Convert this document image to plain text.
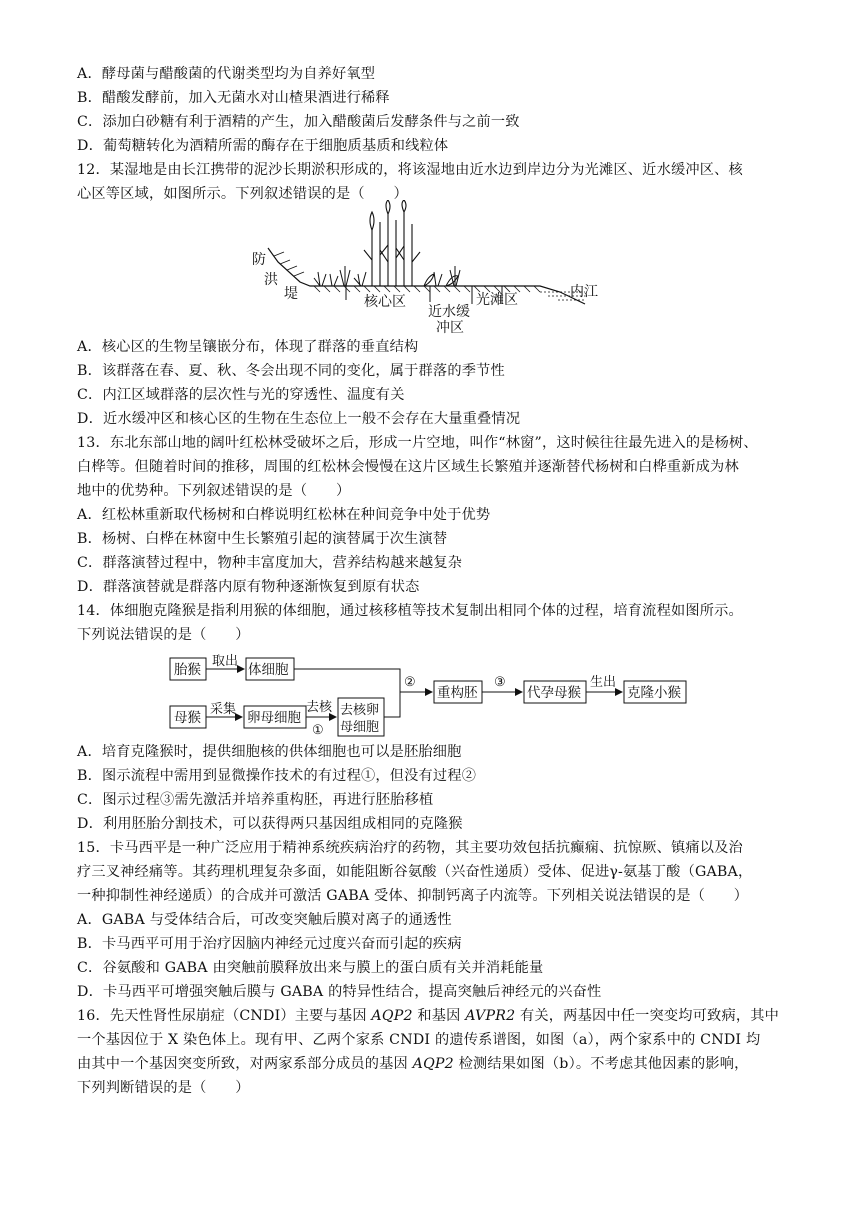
A．酵母菌与醋酸菌的代谢类型均为自养好氧型
B．醋酸发酵前，加入无菌水对山楂果酒进行稀释
C．添加白砂糖有利于酒精的产生，加入醋酸菌后发酵条件与之前一致
D．葡萄糖转化为酒精所需的酶存在于细胞质基质和线粒体
12．某湿地是由长江携带的泥沙长期淤积形成的，将该湿地由近水边到岸边分为光滩区、近水缓冲区、核
心区等区域，如图所示。下列叙述错误的是（　　）
防
洪
堤	核心区
近水缓
冲区
光滩区	内江
A．核心区的生物呈镶嵌分布，体现了群落的垂直结构
B．该群落在春、夏、秋、冬会出现不同的变化，属于群落的季节性
C．内江区域群落的层次性与光的穿透性、温度有关
D．近水缓冲区和核心区的生物在生态位上一般不会存在大量重叠情况
13．东北东部山地的阔叶红松林受破坏之后，形成一片空地，叫作“林窗”，这时候往往最先进入的是杨树、
白桦等。但随着时间的推移，周围的红松林会慢慢在这片区域生长繁殖并逐渐替代杨树和白桦重新成为林
地中的优势种。下列叙述错误的是（　　）
A．红松林重新取代杨树和白桦说明红松林在种间竞争中处于优势
B．杨树、白桦在林窗中生长繁殖引起的演替属于次生演替
C．群落演替过程中，物种丰富度加大，营养结构越来越复杂
D．群落演替就是群落内原有物种逐渐恢复到原有状态
14．体细胞克隆猴是指利用猴的体细胞，通过核移植等技术复制出相同个体的过程，培育流程如图所示。
下列说法错误的是（　　）
胎猴
取出
体细胞
母猴
采集
卵母细胞
去核
①
去核卵
母细胞
②
重构胚
③
代孕母猴
生出
克隆小猴
A．培育克隆猴时，提供细胞核的供体细胞也可以是胚胎细胞
B．图示流程中需用到显微操作技术的有过程①，但没有过程②
C．图示过程③需先激活并培养重构胚，再进行胚胎移植
D．利用胚胎分割技术，可以获得两只基因组成相同的克隆猴
15．卡马西平是一种广泛应用于精神系统疾病治疗的药物，其主要功效包括抗癫痫、抗惊厥、镇痛以及治
疗三叉神经痛等。其药理机理复杂多面，如能阻断谷氨酸（兴奋性递质）受体、促进γ-氨基丁酸（GABA，
一种抑制性神经递质）的合成并可激活 GABA 受体、抑制钙离子内流等。下列相关说法错误的是（　　）
A．GABA 与受体结合后，可改变突触后膜对离子的通透性
B．卡马西平可用于治疗因脑内神经元过度兴奋而引起的疾病
C．谷氨酸和 GABA 由突触前膜释放出来与膜上的蛋白质有关并消耗能量
D．卡马西平可增强突触后膜与 GABA 的特异性结合，提高突触后神经元的兴奋性
16．先天性肾性尿崩症（CNDI）主要与基因 AQP2 和基因 AVPR2 有关，两基因中任一突变均可致病，其中
一个基因位于 X 染色体上。现有甲、乙两个家系 CNDI 的遗传系谱图，如图（a），两个家系中的 CNDI 均
由其中一个基因突变所致，对两家系部分成员的基因 AQP2 检测结果如图（b）。不考虑其他因素的影响，
下列判断错误的是（　　）
